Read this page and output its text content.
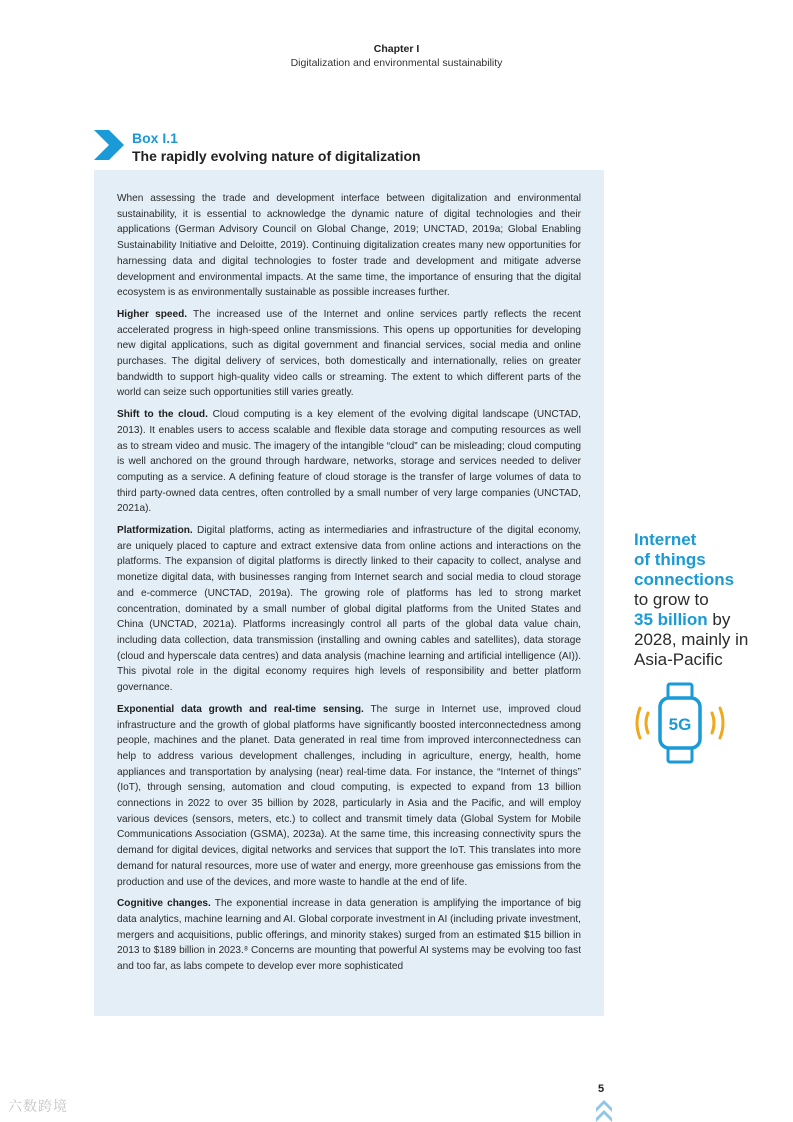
Chapter I
Digitalization and environmental sustainability
Box I.1
The rapidly evolving nature of digitalization

When assessing the trade and development interface between digitalization and environmental sustainability, it is essential to acknowledge the dynamic nature of digital technologies and their applications (German Advisory Council on Global Change, 2019; UNCTAD, 2019a; Global Enabling Sustainability Initiative and Deloitte, 2019). Continuing digitalization creates many new opportunities for harnessing data and digital technologies to foster trade and development and mitigate adverse development and environmental impacts. At the same time, the importance of ensuring that the digital ecosystem is as environmentally sustainable as possible increases further.

Higher speed. The increased use of the Internet and online services partly reflects the recent accelerated progress in high-speed online transmissions. This opens up opportunities for developing new digital applications, such as digital government and financial services, social media and online purchases. The digital delivery of services, both domestically and internationally, relies on greater bandwidth to support high-quality video calls or streaming. The extent to which different parts of the world can seize such opportunities still varies greatly.

Shift to the cloud. Cloud computing is a key element of the evolving digital landscape (UNCTAD, 2013). It enables users to access scalable and flexible data storage and computing resources as well as to stream video and music. The imagery of the intangible “cloud” can be misleading; cloud computing is well anchored on the ground through hardware, networks, storage and services needed to deliver computing as a service. A defining feature of cloud storage is the transfer of large volumes of data to third party-owned data centres, often controlled by a small number of very large companies (UNCTAD, 2021a).

Platformization. Digital platforms, acting as intermediaries and infrastructure of the digital economy, are uniquely placed to capture and extract extensive data from online actions and interactions on the platforms. The expansion of digital platforms is directly linked to their capacity to collect, analyse and monetize digital data, with businesses ranging from Internet search and social media to cloud storage and e-commerce (UNCTAD, 2019a). The growing role of platforms has led to strong market concentration, dominated by a small number of global digital platforms from the United States and China (UNCTAD, 2021a). Platforms increasingly control all parts of the global data value chain, including data collection, data transmission (installing and owning cables and satellites), data storage (cloud and hyperscale data centres) and data analysis (machine learning and artificial intelligence (AI)). This pivotal role in the digital economy requires high levels of responsibility and better platform governance.

Exponential data growth and real-time sensing. The surge in Internet use, improved cloud infrastructure and the growth of global platforms have significantly boosted interconnectedness among people, machines and the planet. Data generated in real time from improved interconnectedness can help to address various development challenges, including in agriculture, energy, health, home appliances and transportation by analysing (near) real-time data. For instance, the “Internet of things” (IoT), through sensing, automation and cloud computing, is expected to expand from 13 billion connections in 2022 to over 35 billion by 2028, particularly in Asia and the Pacific, and will employ various devices (sensors, meters, etc.) to collect and transmit timely data (Global System for Mobile Communications Association (GSMA), 2023a). At the same time, this increasing connectivity spurs the demand for digital devices, digital networks and services that support the IoT. This translates into more demand for natural resources, more use of water and energy, more greenhouse gas emissions from the production and use of the devices, and more waste to handle at the end of life.

Cognitive changes. The exponential increase in data generation is amplifying the importance of big data analytics, machine learning and AI. Global corporate investment in AI (including private investment, mergers and acquisitions, public offerings, and minority stakes) surged from an estimated $15 billion in 2013 to $189 billion in 2023.⁸ Concerns are mounting that powerful AI systems may be evolving too fast and too far, as labs compete to develop ever more sophisticated

Internet
of things
connections
to grow to
35 billion by
2028, mainly in
Asia-Pacific
5G
5
六数跨境
